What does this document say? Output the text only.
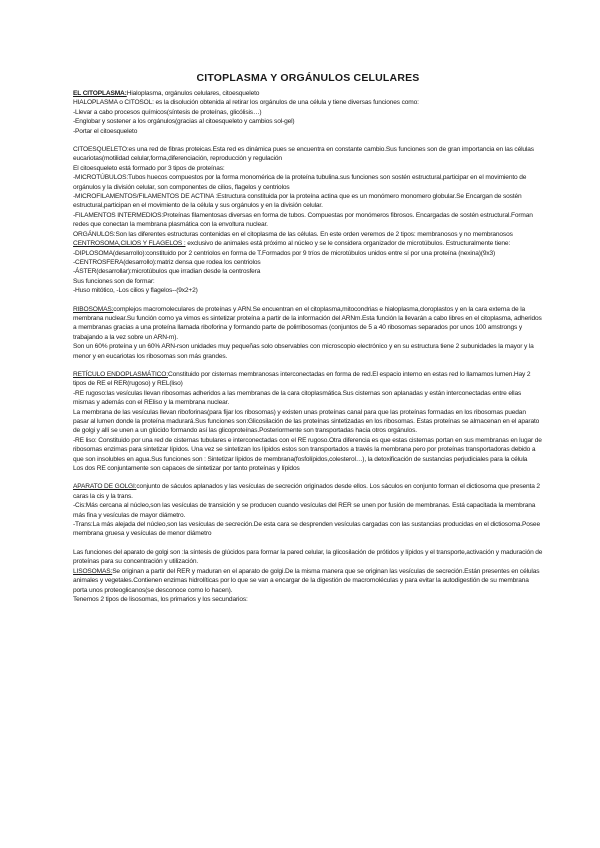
CITOPLASMA Y ORGÁNULOS CELULARES

EL CITOPLASMA:Hialoplasma, orgánulos celulares, citoesqueleto

HIALOPLASMA o CITOSOL: es la disolución obtenida al retirar los orgánulos de una célula y tiene diversas funciones como:

-Llevar a cabo procesos químicos(síntesis de proteínas, glicólisis…)

-Englobar y sostener a los orgánulos(gracias al citoesqueleto y cambios sol-gel)

-Portar el citoesqueleto

CITOESQUELETO:es una red de fibras proteicas.Esta red es dinámica pues se encuentra en constante cambio.Sus funciones son de gran importancia en las células eucariotas(motilidad celular,forma,diferenciación, reproducción y regulación

El citoesqueleto está formado por 3 tipos de proteínas:

-MICROTÚBULOS:Tubos huecos compuestos por la forma monomérica de la proteína tubulina.sus funciones son sostén estructural,participar en el movimiento de orgánulos y la división celular, son componentes de cilios, flagelos y centriolos

-MICROFILAMENTOS/FILAMENTOS DE ACTINA :Estructura constituida por la proteína actina que es un monómero monomero globular.Se Encargan de sostén estructural,participan en el movimiento de la célula y sus orgánulos y en la división celular.

-FILAMENTOS INTERMEDIOS:Proteínas filamentosas diversas en forma de tubos. Compuestas por monómeros fibrosos. Encargadas de sostén estructural.Forman redes que conectan la membrana plasmática con la envoltura nuclear.

ORGÁNULOS:Son las diferentes estructuras contenidas en el citoplasma de las células. En este orden veremos de 2 tipos: membranosos y no membranosos

CENTROSOMA,CILIOS Y FLAGELOS : exclusivo de animales está próximo al núcleo y se le considera organizador de microtúbulos. Estructuralmente tiene:

-DIPLOSOMA(desarrollo):constituido por 2 centriolos en forma de T.Formados por 9 tríos de microtúbulos unidos entre sí por una proteína (nexina)(9x3)

-CENTROSFERA(desarrollo):matriz densa que rodea los centriolos

-ÁSTER(desarrollar):microtúbulos que irradian desde la centrosfera

Sus funciones son de formar:

-Huso mitótico, -Los cilios y flagelos--(9x2+2)

RIBOSOMAS:complejos macromoleculares de proteínas y ARN.Se encuentran en el citoplasma,mitocondrias e hialoplasma,cloroplastos y en la cara externa de la membrana nuclear.Su función como ya vimos es sintetizar proteína a partir de la información del ARNm.Esta función la llevarán a cabo libres en el citoplasma, adheridos a membranas gracias a una proteína llamada riboforina y formando parte de polirribosomas (conjuntos de 5 a 40 ribosomas separados por unos 100 amstrongs y trabajando a la vez sobre un ARN-m).

Son un 60% proteína y un 60% ARN-rson unidades muy pequeñas solo observables con microscopio electrónico y en su estructura tiene 2 subunidades la mayor y la menor y en eucariotas los ribosomas son más grandes.

RETÍCULO ENDOPLASMÁTICO:Constituido por cisternas membranosas interconectadas en forma de red.El espacio interno en estas red lo llamamos lumen.Hay 2 tipos de RE el RER(rugoso) y REL(liso)

-RE rugoso:las vesículas llevan ribosomas adheridos a las membranas de la cara citoplasmática.Sus cisternas son aplanadas y están interconectadas entre ellas mismas y además con el REliso y la membrana nuclear.

La membrana de las vesículas llevan riboforinas(para fijar los ribosomas) y existen unas proteínas canal para que las proteínas formadas en los ribosomas puedan pasar al lumen donde la proteína madurará.Sus funciones son:Glicosilación de las proteínas sintetizadas en los ribosomas. Estas proteínas se almacenan en el aparato de golgi y allí se unen a un glúcido formando así las glicoproteínas.Posteriormente son transportadas hacia otros orgánulos.

-RE liso: Constituido por una red de cisternas tubulares e interconectadas con el RE rugoso.Otra diferencia es que estas cisternas portan en sus membranas en lugar de ribosomas enzimas para sintetizar lípidos. Una vez se sintetizan los lípidos estos son transportados a través la membrana pero por proteínas transportadoras debido a que son insolubles en agua.Sus funciones son : Sintetizar lípidos de membrana(fosfolípidos,colesterol…), la detoxificación de sustancias perjudiciales para la célula

Los dos RE conjuntamente son capaces de sintetizar por tanto proteínas y lípidos

APARATO DE GOLGI:conjunto de sáculos aplanados y las vesículas de secreción originados desde ellos. Los sáculos en conjunto forman el dictiosoma que presenta 2 caras la cis y la trans.

-Cis:Más cercana al núcleo,son las vesículas de transición y se producen cuando vesículas del RER se unen por fusión de membranas. Está capacitada la membrana más fina y vesículas de mayor diámetro.

-Trans:La más alejada del núcleo,son las vesículas de secreción.De esta cara se desprenden vesículas cargadas con las sustancias producidas en el dictiosoma.Posee membrana gruesa y vesículas de menor diámetro

Las funciones del aparato de golgi son :la síntesis de glúcidos para formar la pared celular, la glicosilación de prótidos y lípidos y el transporte,activación y maduración de proteínas para su concentración y utilización.

LISOSOMAS:Se originan a partir del RER y maduran en el aparato de golgi.De la misma manera que se originan las vesículas de secreción.Están presentes en células animales y vegetales.Contienen enzimas hidrolíticas por lo que se van a encargar de la digestión de macromoléculas y para evitar la autodigestión de su membrana porta unos proteoglicanos(se desconoce como lo hacen).

Tenemos 2 tipos de lisosomas, los primarios y los secundarios:
